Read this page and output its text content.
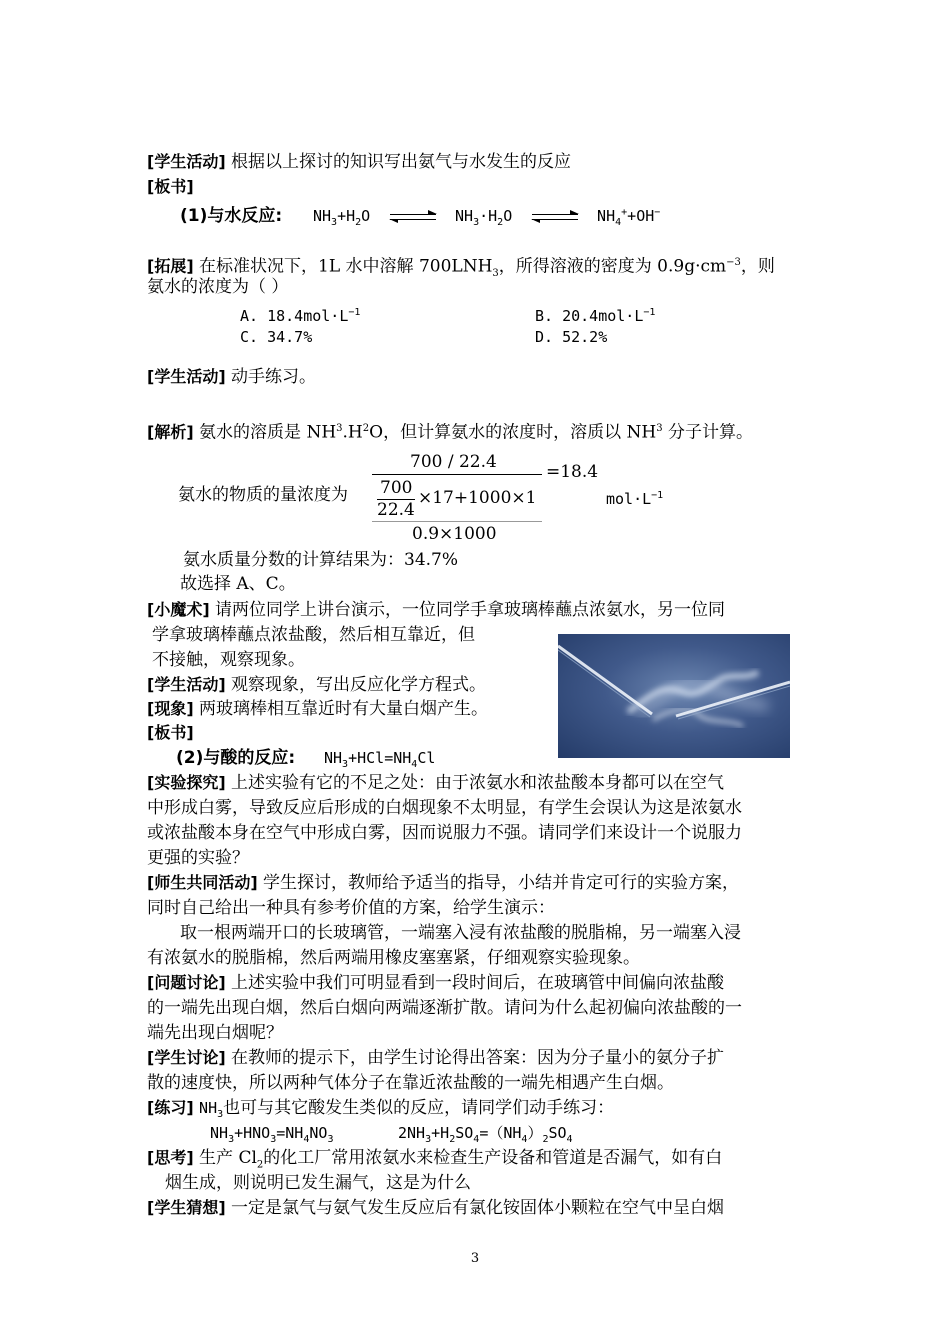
[学生活动] 根据以上探讨的知识写出氨气与水发生的反应
[板书]
(1)与水反应: $NH_3+H_2O$ ⇌ $NH_3\cdot H_2O$ ⇌ $NH_4^++OH^-$
[拓展] 在标准状况下，1L 水中溶解 $700LNH_3$，所得溶液的密度为 $0.9g\cdot cm^{-3}$，则
氨水的浓度为（ ）
A. $18.4mol\cdot L^{-1}$	B. $20.4mol\cdot L^{-1}$
C. 34.7%	D. 52.2%
[学生活动] 动手练习。
[解析] 氨水的溶质是 $NH^3.H^2O$，但计算氨水的浓度时，溶质以 $NH^3$ 分子计算。
氨水的物质的量浓度为
700 / 22.4	=18.4
700
22.4
×17+1000×1
0.9×1000
$mol\cdot L^{-1}$
氨水质量分数的计算结果为：34.7%
故选择 A、C。
[小魔术] 请两位同学上讲台演示，一位同学手拿玻璃棒蘸点浓氨水，另一位同
学拿玻璃棒蘸点浓盐酸，然后相互靠近，但
不接触，观察现象。
[学生活动] 观察现象，写出反应化学方程式。
[现象] 两玻璃棒相互靠近时有大量白烟产生。
[板书]
(2)与酸的反应: $NH_3+HCl=NH_4Cl$
[实验探究] 上述实验有它的不足之处：由于浓氨水和浓盐酸本身都可以在空气
中形成白雾，导致反应后形成的白烟现象不太明显，有学生会误认为这是浓氨水
或浓盐酸本身在空气中形成白雾，因而说服力不强。请同学们来设计一个说服力
更强的实验？
[师生共同活动] 学生探讨，教师给予适当的指导，小结并肯定可行的实验方案，
同时自己给出一种具有参考价值的方案，给学生演示：
取一根两端开口的长玻璃管，一端塞入浸有浓盐酸的脱脂棉，另一端塞入浸
有浓氨水的脱脂棉，然后两端用橡皮塞塞紧，仔细观察实验现象。
[问题讨论] 上述实验中我们可明显看到一段时间后，在玻璃管中间偏向浓盐酸
的一端先出现白烟，然后白烟向两端逐渐扩散。请问为什么起初偏向浓盐酸的一
端先出现白烟呢？
[学生讨论] 在教师的提示下，由学生讨论得出答案：因为分子量小的氨分子扩
散的速度快，所以两种气体分子在靠近浓盐酸的一端先相遇产生白烟。
[练习] $NH_3$也可与其它酸发生类似的反应，请同学们动手练习：
$NH_3+HNO_3=NH_4NO_3$	$2NH_3+H_2SO_4=(NH_4)_2SO_4$
[思考] 生产 $Cl_2$的化工厂常用浓氨水来检查生产设备和管道是否漏气，如有白
烟生成，则说明已发生漏气，这是为什么
[学生猜想] 一定是氯气与氨气发生反应后有氯化铵固体小颗粒在空气中呈白烟
3
